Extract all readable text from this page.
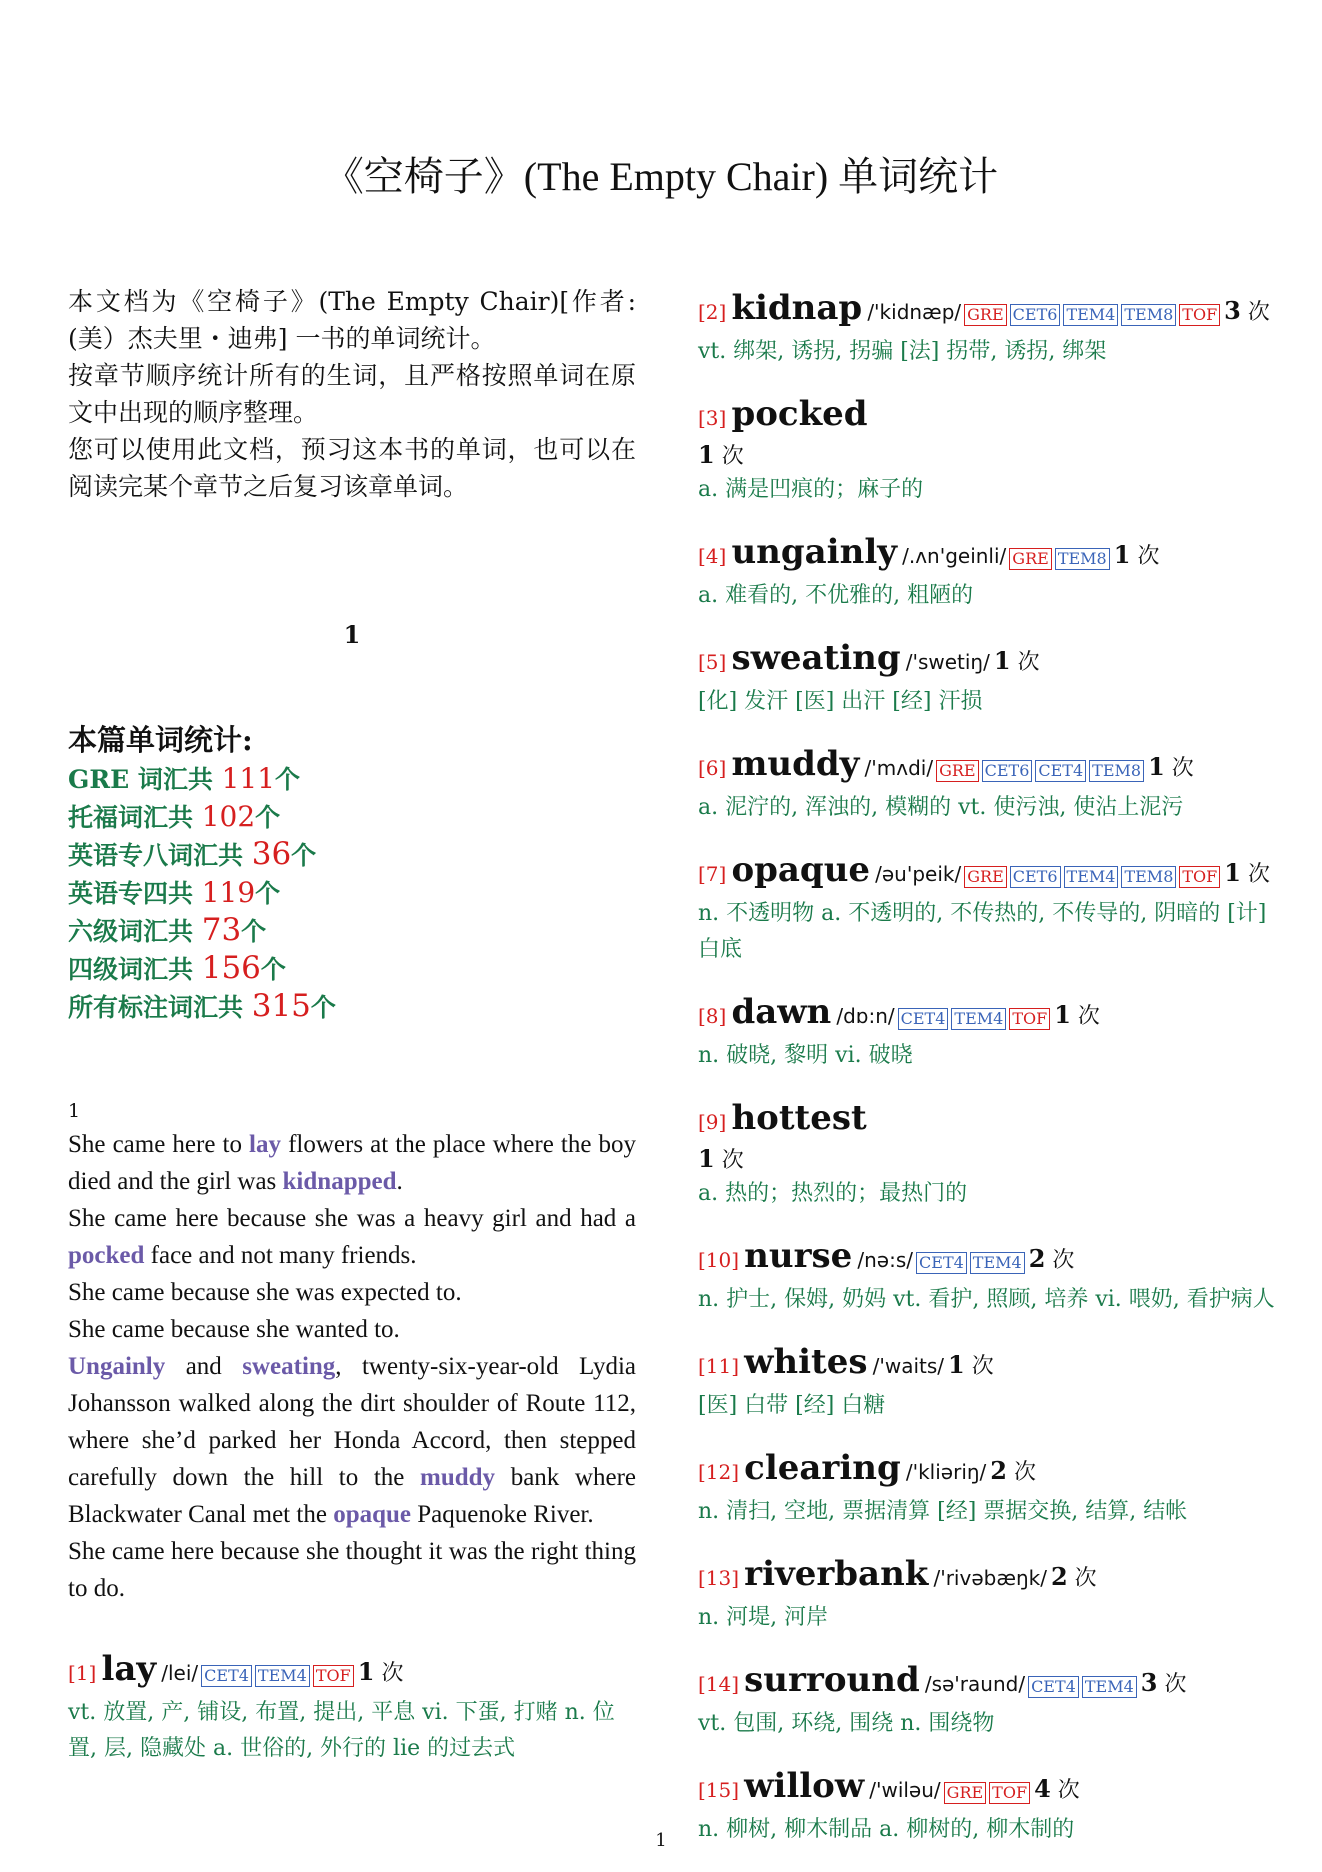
《空椅子》(The Empty Chair) 单词统计

本文档为《空椅子》(The Empty Chair)[作者:(美）杰夫里・迪弗] 一书的单词统计。

按章节顺序统计所有的生词，且严格按照单词在原文中出现的顺序整理。

您可以使用此文档，预习这本书的单词，也可以在阅读完某个章节之后复习该章单词。

1
本篇单词统计:
GRE 词汇共 111个
托福词汇共 102个
英语专八词汇共 36个
英语专四共 119个
六级词汇共 73个
四级词汇共 156个
所有标注词汇共 315个
1

She came here to lay flowers at the place where the boy died and the girl was kidnapped.

She came here because she was a heavy girl and had a pocked face and not many friends.

She came because she was expected to.

She came because she wanted to.

Ungainly and sweating, twenty-six-year-old Lydia Johansson walked along the dirt shoulder of Route 112, where she’d parked her Honda Accord, then stepped carefully down the hill to the muddy bank where Blackwater Canal met the opaque Paquenoke River.

She came here because she thought it was the right thing to do.

[1] lay /lei/ CET4 TEM4 TOF 1 次
vt. 放置, 产, 铺设, 布置, 提出, 平息 vi. 下蛋, 打赌 n. 位置, 层, 隐藏处 a. 世俗的, 外行的 lie 的过去式
[2] kidnap /'kidnæp/ GRE CET6 TEM4 TEM8 TOF 3 次
vt. 绑架, 诱拐, 拐骗 [法] 拐带, 诱拐, 绑架
[3] pocked
1 次
a. 满是凹痕的；麻子的
[4] ungainly /.ʌn'geinli/ GRE TEM8 1 次
a. 难看的, 不优雅的, 粗陋的
[5] sweating /'swetiŋ/ 1 次
[化] 发汗 [医] 出汗 [经] 汗损
[6] muddy /'mʌdi/ GRE CET6 CET4 TEM8 1 次
a. 泥泞的, 浑浊的, 模糊的 vt. 使污浊, 使沾上泥污
[7] opaque /əu'peik/ GRE CET6 TEM4 TEM8 TOF 1 次
n. 不透明物 a. 不透明的, 不传热的, 不传导的, 阴暗的 [计] 白底
[8] dawn /dɒ:n/ CET4 TEM4 TOF 1 次
n. 破晓, 黎明 vi. 破晓
[9] hottest
1 次
a. 热的；热烈的；最热门的
[10] nurse /nə:s/ CET4 TEM4 2 次
n. 护士, 保姆, 奶妈 vt. 看护, 照顾, 培养 vi. 喂奶, 看护病人
[11] whites /'waits/ 1 次
[医] 白带 [经] 白糖
[12] clearing /'kliəriŋ/ 2 次
n. 清扫, 空地, 票据清算 [经] 票据交换, 结算, 结帐
[13] riverbank /'rivəbæŋk/ 2 次
n. 河堤, 河岸
[14] surround /sə'raund/ CET4 TEM4 3 次
vt. 包围, 环绕, 围绕 n. 围绕物
[15] willow /'wiləu/ GRE TOF 4 次
n. 柳树, 柳木制品 a. 柳树的, 柳木制的
1
